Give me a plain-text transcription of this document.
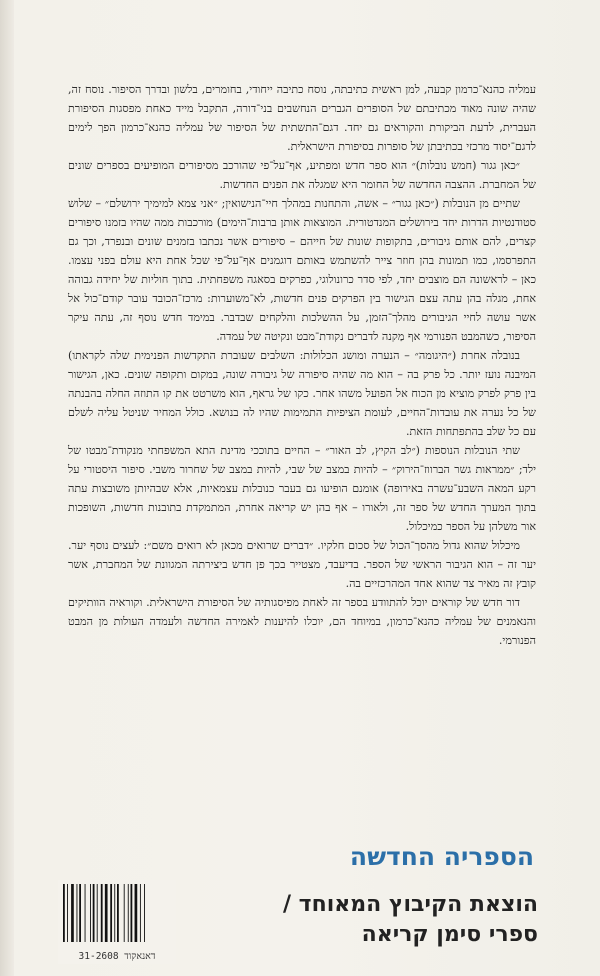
עמליה כהנא־כרמון קבעה, למן ראשית כתיבתה, נוסח כתיבה ייחודי, בחומרים, בלשון ובדרך הסיפור. נוסח זה, שהיה שונה מאוד מכתיבתם של הסופרים הגברים הנחשבים בני־דורה, התקבל מייד כאחת מפסגות הסיפורת העברית, לדעת הביקורת והקוראים גם יחד. דגם־התשתית של הסיפור של עמליה כהנא־כרמון הפך לימים לדגם־יסוד מרכזי בכתיבתן של סופרות בסיפורת הישראלית.

״כאן גגור (חמש נובלות)״ הוא ספר חדש ומפתיע, אף־על־פי שהורכב מסיפורים המופיעים בספרים שונים של המחברת. ההצבה החדשה של החומר היא שמגלה את הפנים החדשות.

שתיים מן הנובלות (״כאן גגור״ – אשה, והתחנות במהלך חיי־הנישואין; ״אני צמא למימיך ירושלם״ – שלוש סטודנטיות הדרות יחד בירושלים המנדטורית. המוצאות אותן ברבות־הימים) מורכבות ממה שהיו בזמנו סיפורים קצרים, להם אותם גיבורים, בתקופות שונות של חייהם – סיפורים אשר נכתבו בזמנים שונים ובנפרד, וכך גם התפרסמו, כמו תמונות בהן חוזר צייר להשתמש באותם דוגמנים אף־על־פי שכל אחת היא עולם בפני עצמו. כאן – לראשונה הם מוצבים יחד, לפי סדר כרונולוגי, כפרקים בסאגה משפחתית. בתוך חוליות של יחידה גבוהה אחת, מגלה בהן עתה עצם הגישור בין הפרקים פנים חדשות, לא־משוערות: מרכז־הכובד עובר קודם־כול אל אשר עושה לחיי הגיבורים מהלך־הזמן, על ההשלכות והלקחים שבדבר. במימד חדש נוסף זה, עתה עיקר הסיפור, כשהמבט הפנורמי אף מַקנה לדברים נקודת־מבט ונקיטה של עמדה.

בנובלה אחרת (״היגומה״ – הנערה ומושג הכלולות: השלבים שעוברת התקדשות הפנימית שלה לקראתו) המיבנה נועז יותר. כל פרק בה – הוא מה שהיה סיפורה של גיבורה שונה, במקום ותקופה שונים. כאן, הגישור בין פרק לפרק מוציא מן הכוח אל הפועל משהו אחר. כקו של גראף, הוא משרטט את קו התוזה החלה בהבנתה של כל נערה את עובדות־החיים, לעומת הציפיות התמימות שהיו לה בנושא. כולל המחיר שניטל עליה לשלם עם כל שלב בהתפתחות הזאת.

שתי הנובלות הנוספות (״לב הקיץ, לב האור״ – החיים בתוככי מדינת התא המשפחתי מנקודת־מבטו של ילד; ״ממראות גשר הברווז־הירוק״ – להיות במצב של שבי, להיות במצב של שחרור משבי. סיפור היסטורי על רקע המאה השבע־עשרה באירופה) אומנם הופיעו גם בעבר כנובלות עצמאיות, אלא שבהיותן משובצות עתה בתוך המערך החדש של ספר זה, ולאורו – אף בהן יש קריאה אחרת, המתמקדת בתובנות חדשות, השופכות אור משלהן על הספר כמיכלול.

מיכלול שהוא גדול מהסך־הכול של סכום חלקיו. ״דברים שרואים מכאן לא רואים משם״: לעצים נוסף יער. יער זה – הוא הגיבור הראשי של הספר. בדיעבד, מצטייר בכך פן חדש ביצירתה המגוונת של המחברת, אשר קובץ זה מאיר צד שהוא אחד המהרכזיים בה.

דור חדש של קוראים יוכל להתוודע בספר זה לאחת מפיסגותיה של הסיפורת הישראלית. וקוראיה הוותיקים והנאמנים של עמליה כהנא־כרמון, במיוחד הם, יוכלו להיענות לאמירה החדשה ולעמדה העולות מן המבט הפנורמי.

הספריה החדשה
הוצאת הקיבוץ המאוחד /
ספרי סימן קריאה
דאנאקוד 31-2608
